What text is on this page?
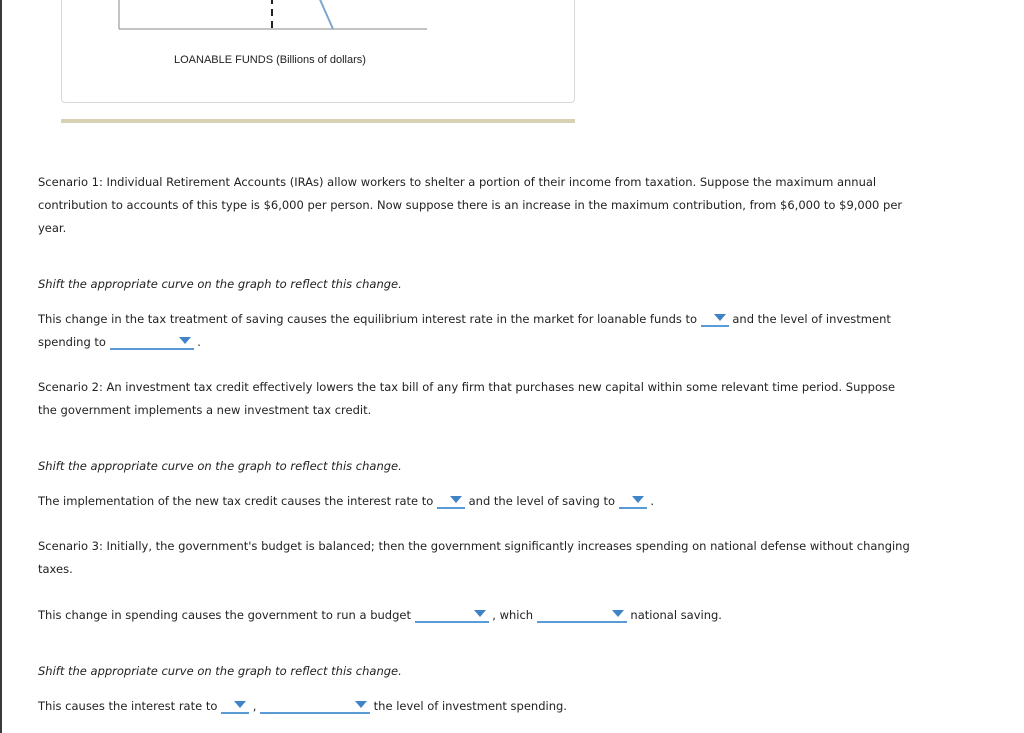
LOANABLE FUNDS (Billions of dollars)
Scenario 1: Individual Retirement Accounts (IRAs) allow workers to shelter a portion of their income from taxation. Suppose the maximum annual
contribution to accounts of this type is $6,000 per person. Now suppose there is an increase in the maximum contribution, from $6,000 to $9,000 per
year.
Shift the appropriate curve on the graph to reflect this change.
This change in the tax treatment of saving causes the equilibrium interest rate in the market for loanable funds to	and the level of investment
spending to	.
Scenario 2: An investment tax credit effectively lowers the tax bill of any firm that purchases new capital within some relevant time period. Suppose
the government implements a new investment tax credit.
Shift the appropriate curve on the graph to reflect this change.
The implementation of the new tax credit causes the interest rate to	and the level of saving to	.
Scenario 3: Initially, the government's budget is balanced; then the government significantly increases spending on national defense without changing
taxes.
This change in spending causes the government to run a budget	, which	national saving.
Shift the appropriate curve on the graph to reflect this change.
This causes the interest rate to	,	the level of investment spending.
